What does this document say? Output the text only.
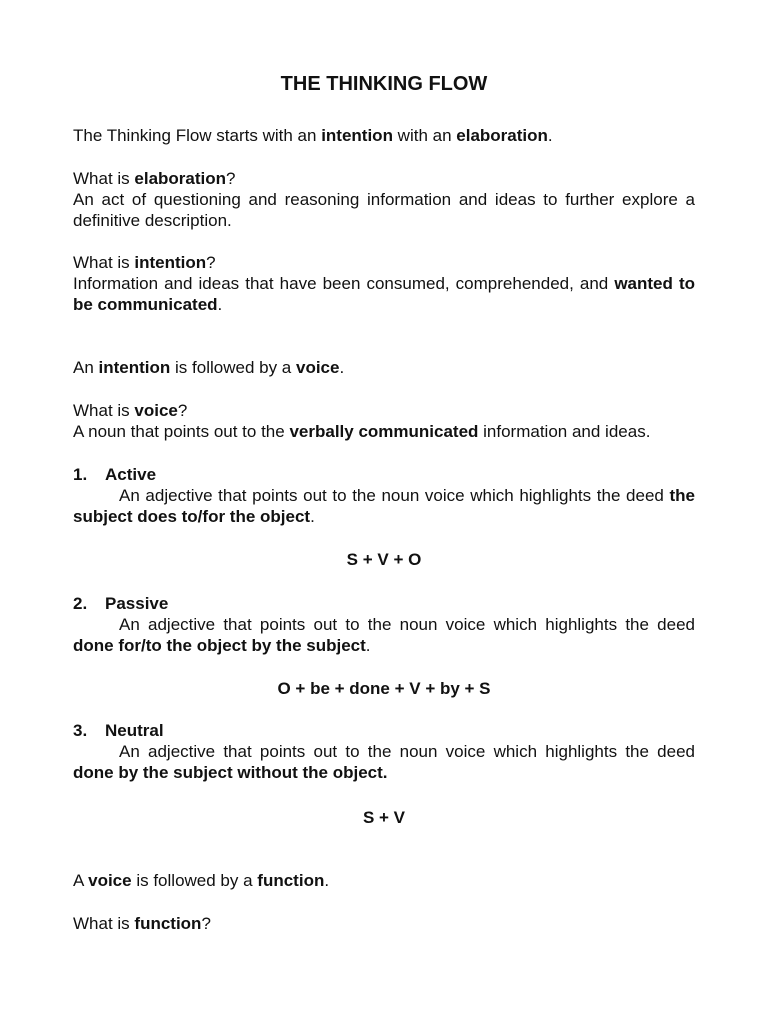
THE THINKING FLOW

The Thinking Flow starts with an intention with an elaboration.

What is elaboration?

An act of questioning and reasoning information and ideas to further explore a definitive description.

What is intention?

Information and ideas that have been consumed, comprehended, and wanted to be communicated.

An intention is followed by a voice.

What is voice?

A noun that points out to the verbally communicated information and ideas.

1. Active

An adjective that points out to the noun voice which highlights the deed the subject does to/for the object.

S + V + O

2. Passive

An adjective that points out to the noun voice which highlights the deed done for/to the object by the subject.

O + be + done + V + by + S

3. Neutral

An adjective that points out to the noun voice which highlights the deed done by the subject without the object.

S + V

A voice is followed by a function.

What is function?
